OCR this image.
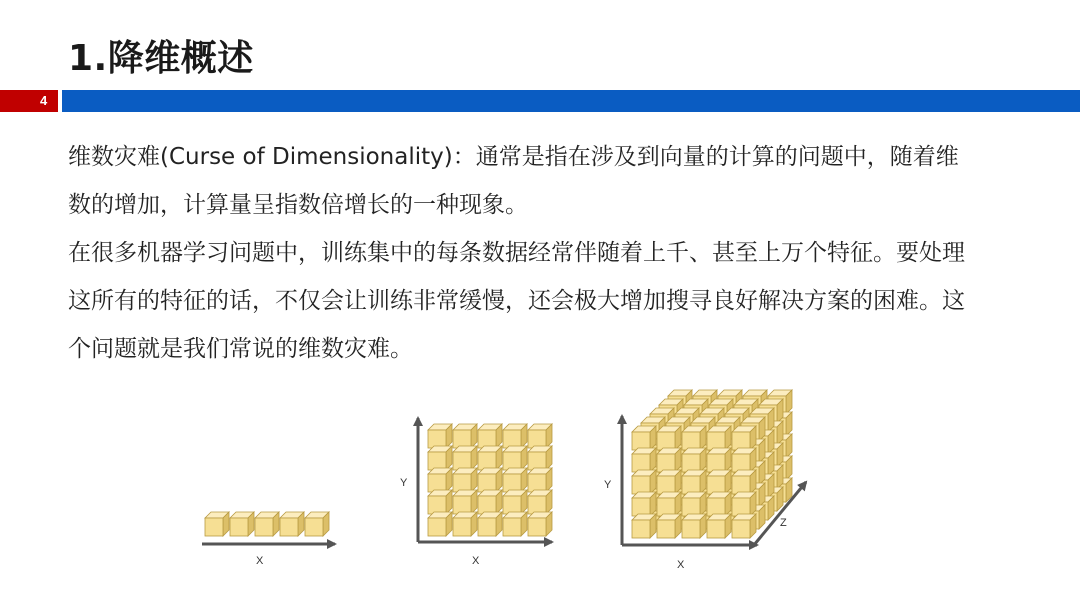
1.降维概述
4

维数灾难(Curse of Dimensionality)：通常是指在涉及到向量的计算的问题中，随着维数的增加，计算量呈指数倍增长的一种现象。

在很多机器学习问题中，训练集中的每条数据经常伴随着上千、甚至上万个特征。要处理这所有的特征的话，不仅会让训练非常缓慢，还会极大增加搜寻良好解决方案的困难。这个问题就是我们常说的维数灾难。

X	X
Y
X
Y
Z
